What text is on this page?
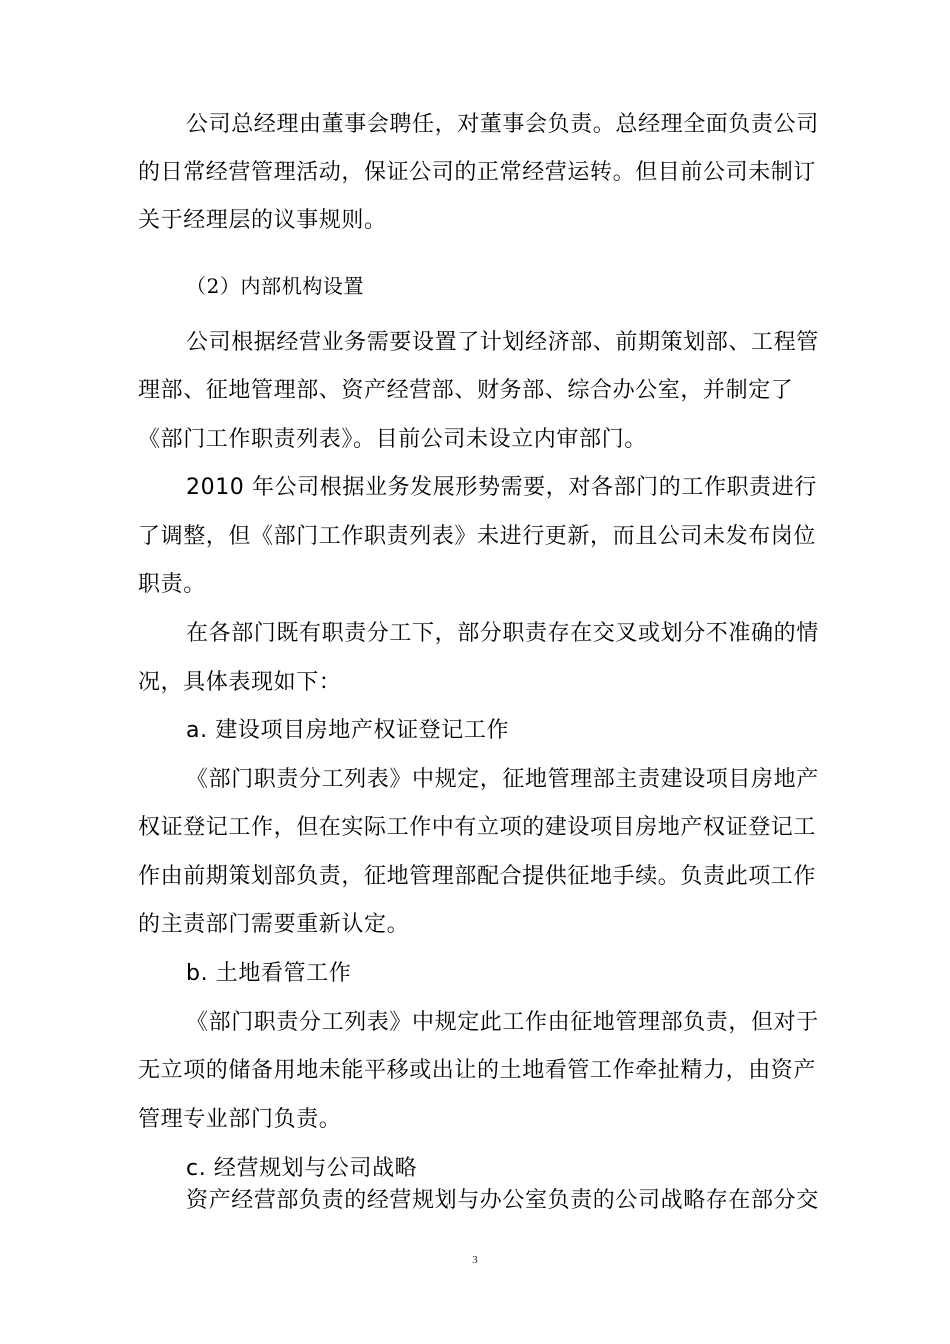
公司总经理由董事会聘任，对董事会负责。总经理全面负责公司
的日常经营管理活动，保证公司的正常经营运转。但目前公司未制订
关于经理层的议事规则。
（2）内部机构设置
公司根据经营业务需要设置了计划经济部、前期策划部、工程管
理部、征地管理部、资产经营部、财务部、综合办公室，并制定了
《部门工作职责列表》。目前公司未设立内审部门。
2010 年公司根据业务发展形势需要，对各部门的工作职责进行
了调整，但《部门工作职责列表》未进行更新，而且公司未发布岗位
职责。
在各部门既有职责分工下，部分职责存在交叉或划分不准确的情
况，具体表现如下：
a. 建设项目房地产权证登记工作
《部门职责分工列表》中规定，征地管理部主责建设项目房地产
权证登记工作，但在实际工作中有立项的建设项目房地产权证登记工
作由前期策划部负责，征地管理部配合提供征地手续。负责此项工作
的主责部门需要重新认定。
b. 土地看管工作
《部门职责分工列表》中规定此工作由征地管理部负责，但对于
无立项的储备用地未能平移或出让的土地看管工作牵扯精力，由资产
管理专业部门负责。
c. 经营规划与公司战略
资产经营部负责的经营规划与办公室负责的公司战略存在部分交
3
